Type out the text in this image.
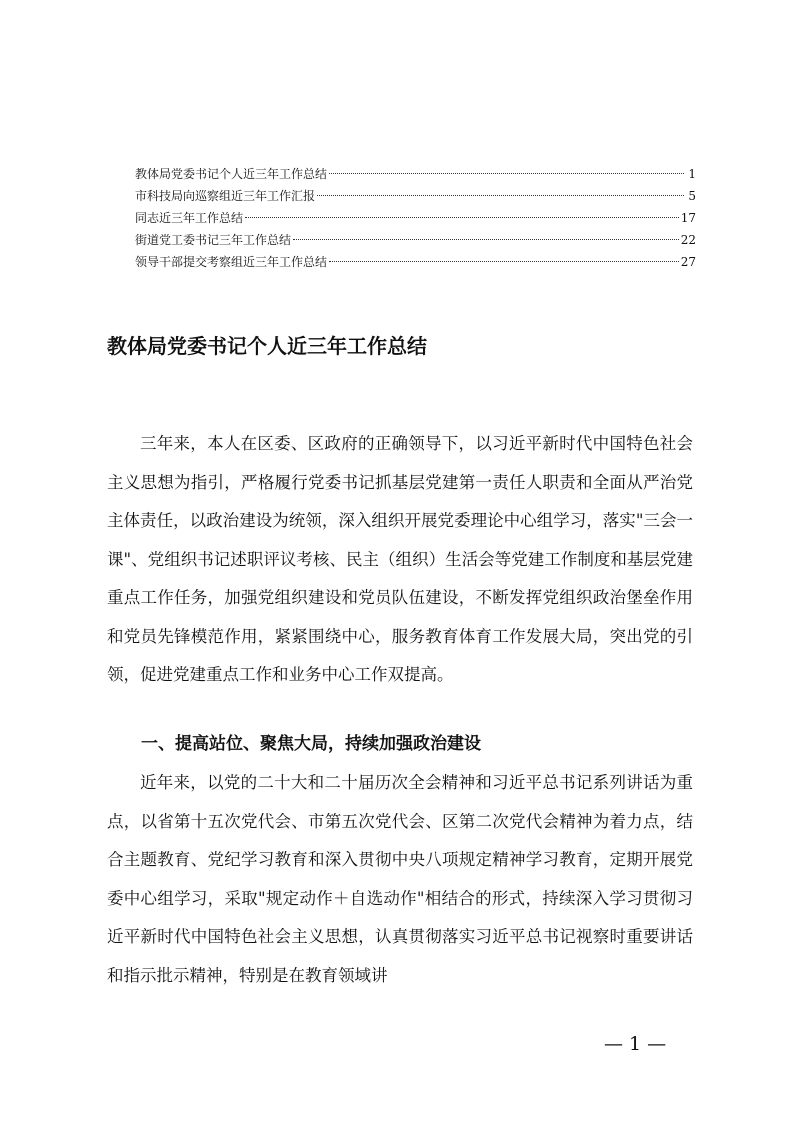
教体局党委书记个人近三年工作总结	1
市科技局向巡察组近三年工作汇报	5
同志近三年工作总结	17
街道党工委书记三年工作总结	22
领导干部提交考察组近三年工作总结	27
教体局党委书记个人近三年工作总结

三年来，本人在区委、区政府的正确领导下，以习近平新时代中国特色社会主义思想为指引，严格履行党委书记抓基层党建第一责任人职责和全面从严治党主体责任，以政治建设为统领，深入组织开展党委理论中心组学习，落实"三会一课"、党组织书记述职评议考核、民主（组织）生活会等党建工作制度和基层党建重点工作任务，加强党组织建设和党员队伍建设，不断发挥党组织政治堡垒作用和党员先锋模范作用，紧紧围绕中心，服务教育体育工作发展大局，突出党的引领，促进党建重点工作和业务中心工作双提高。

一、提高站位、聚焦大局，持续加强政治建设

近年来，以党的二十大和二十届历次全会精神和习近平总书记系列讲话为重点，以省第十五次党代会、市第五次党代会、区第二次党代会精神为着力点，结合主题教育、党纪学习教育和深入贯彻中央八项规定精神学习教育，定期开展党委中心组学习，采取"规定动作＋自选动作"相结合的形式，持续深入学习贯彻习近平新时代中国特色社会主义思想，认真贯彻落实习近平总书记视察时重要讲话和指示批示精神，特别是在教育领域讲

— 1 —
